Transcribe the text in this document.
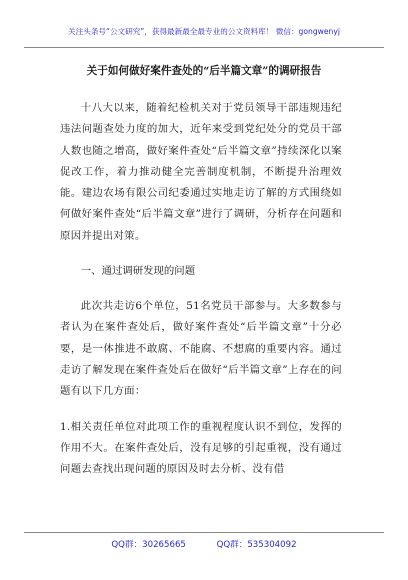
关注头条号“公文研究”，获得最新最全最专业的公文资料库！ 微信：gongwenyj
关于如何做好案件查处的“后半篇文章”的调研报告

十八大以来，随着纪检机关对于党员领导干部违规违纪违法问题查处力度的加大，近年来受到党纪处分的党员干部人数也随之增高，做好案件查处“后半篇文章”持续深化以案促改工作，着力推动健全完善制度机制，不断提升治理效能。建边农场有限公司纪委通过实地走访了解的方式围绕如何做好案件查处“后半篇文章”进行了调研，分析存在问题和原因并提出对策。

一、通过调研发现的问题

此次共走访6个单位，51名党员干部参与。大多数参与者认为在案件查处后，做好案件查处“后半篇文章”十分必要，是一体推进不敢腐、不能腐、不想腐的重要内容。通过走访了解发现在案件查处后在做好“后半篇文章”上存在的问题有以下几方面：

1.相关责任单位对此项工作的重视程度认识不到位，发挥的作用不大。在案件查处后，没有足够的引起重视，没有通过问题去查找出现问题的原因及时去分析、没有借

QQ群：30265665	QQ群：535304092
